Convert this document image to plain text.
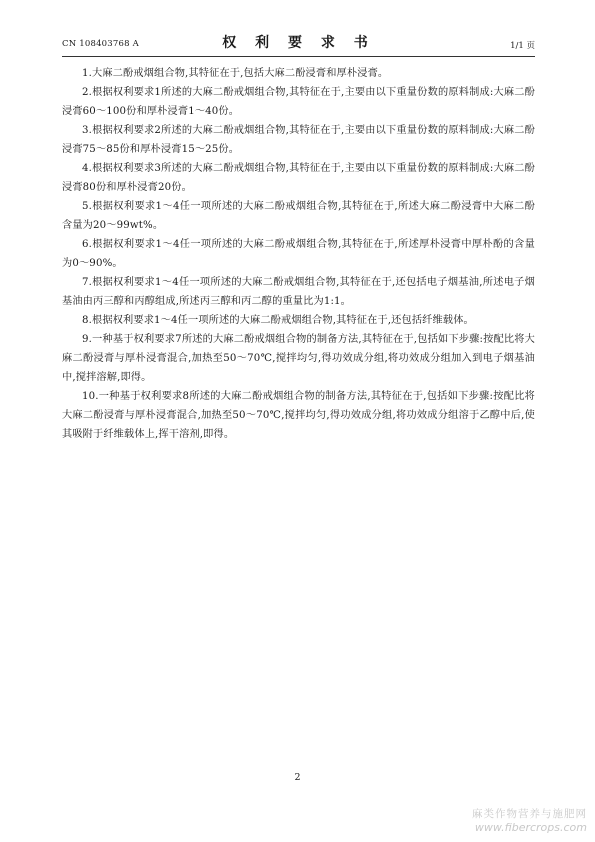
CN 108403768 A	权 利 要 求 书	1/1 页

1.大麻二酚戒烟组合物,其特征在于,包括大麻二酚浸膏和厚朴浸膏。

2.根据权利要求1所述的大麻二酚戒烟组合物,其特征在于,主要由以下重量份数的原料制成:大麻二酚浸膏60～100份和厚朴浸膏1～40份。

3.根据权利要求2所述的大麻二酚戒烟组合物,其特征在于,主要由以下重量份数的原料制成:大麻二酚浸膏75～85份和厚朴浸膏15～25份。

4.根据权利要求3所述的大麻二酚戒烟组合物,其特征在于,主要由以下重量份数的原料制成:大麻二酚浸膏80份和厚朴浸膏20份。

5.根据权利要求1～4任一项所述的大麻二酚戒烟组合物,其特征在于,所述大麻二酚浸膏中大麻二酚含量为20～99wt%。

6.根据权利要求1～4任一项所述的大麻二酚戒烟组合物,其特征在于,所述厚朴浸膏中厚朴酚的含量为0～90%。

7.根据权利要求1～4任一项所述的大麻二酚戒烟组合物,其特征在于,还包括电子烟基油,所述电子烟基油由丙三醇和丙醇组成,所述丙三醇和丙二醇的重量比为1:1。

8.根据权利要求1～4任一项所述的大麻二酚戒烟组合物,其特征在于,还包括纤维载体。

9.一种基于权利要求7所述的大麻二酚戒烟组合物的制备方法,其特征在于,包括如下步骤:按配比将大麻二酚浸膏与厚朴浸膏混合,加热至50～70℃,搅拌均匀,得功效成分组,将功效成分组加入到电子烟基油中,搅拌溶解,即得。

10.一种基于权利要求8所述的大麻二酚戒烟组合物的制备方法,其特征在于,包括如下步骤:按配比将大麻二酚浸膏与厚朴浸膏混合,加热至50～70℃,搅拌均匀,得功效成分组,将功效成分组溶于乙醇中后,使其吸附于纤维载体上,挥干溶剂,即得。

2
麻类作物营养与施肥网
www.fibercrops.com
